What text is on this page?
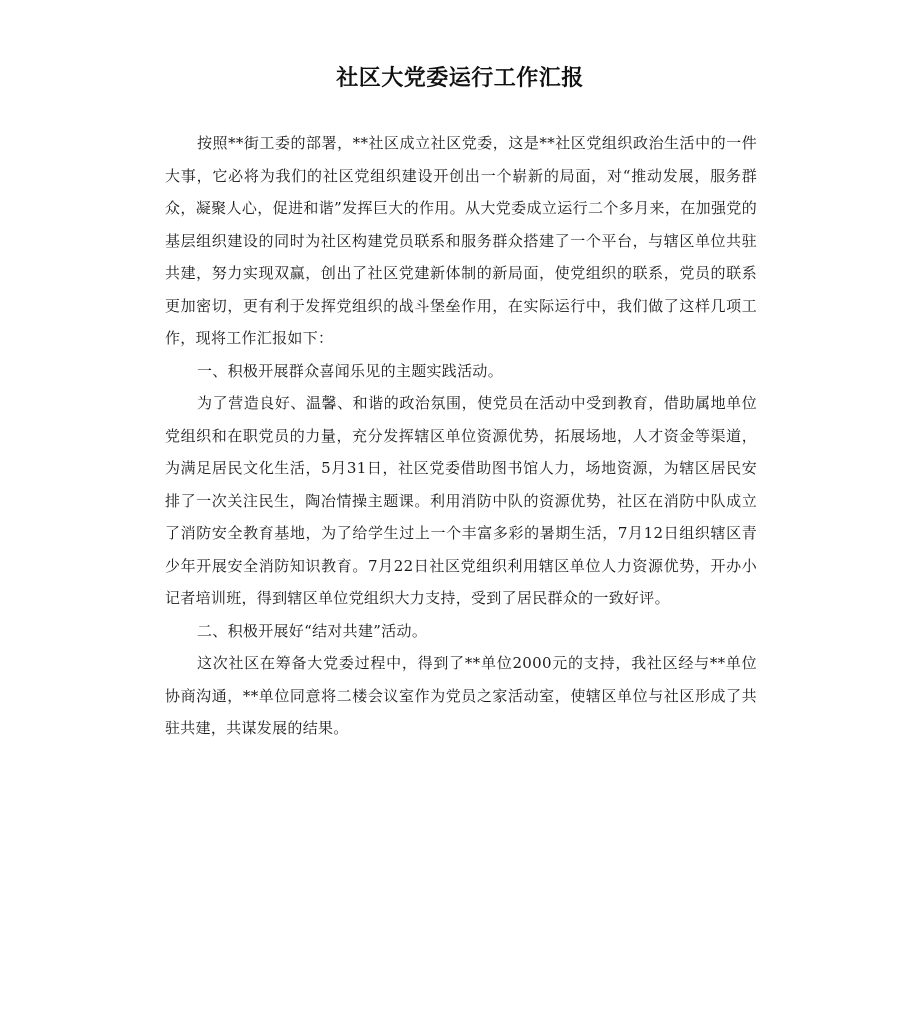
社区大党委运行工作汇报

按照**街工委的部署，**社区成立社区党委，这是**社区党组织政治生活中的一件大事，它必将为我们的社区党组织建设开创出一个崭新的局面，对“推动发展，服务群众，凝聚人心，促进和谐”发挥巨大的作用。从大党委成立运行二个多月来，在加强党的基层组织建设的同时为社区构建党员联系和服务群众搭建了一个平台，与辖区单位共驻共建，努力实现双赢，创出了社区党建新体制的新局面，使党组织的联系，党员的联系更加密切，更有利于发挥党组织的战斗堡垒作用，在实际运行中，我们做了这样几项工作，现将工作汇报如下：

一、积极开展群众喜闻乐见的主题实践活动。

为了营造良好、温馨、和谐的政治氛围，使党员在活动中受到教育，借助属地单位党组织和在职党员的力量，充分发挥辖区单位资源优势，拓展场地，人才资金等渠道，为满足居民文化生活，5月31日，社区党委借助图书馆人力，场地资源，为辖区居民安排了一次关注民生，陶冶情操主题课。利用消防中队的资源优势，社区在消防中队成立了消防安全教育基地，为了给学生过上一个丰富多彩的暑期生活，7月12日组织辖区青少年开展安全消防知识教育。7月22日社区党组织利用辖区单位人力资源优势，开办小记者培训班，得到辖区单位党组织大力支持，受到了居民群众的一致好评。

二、积极开展好“结对共建”活动。

这次社区在筹备大党委过程中，得到了**单位2000元的支持，我社区经与**单位协商沟通，**单位同意将二楼会议室作为党员之家活动室，使辖区单位与社区形成了共驻共建，共谋发展的结果。
